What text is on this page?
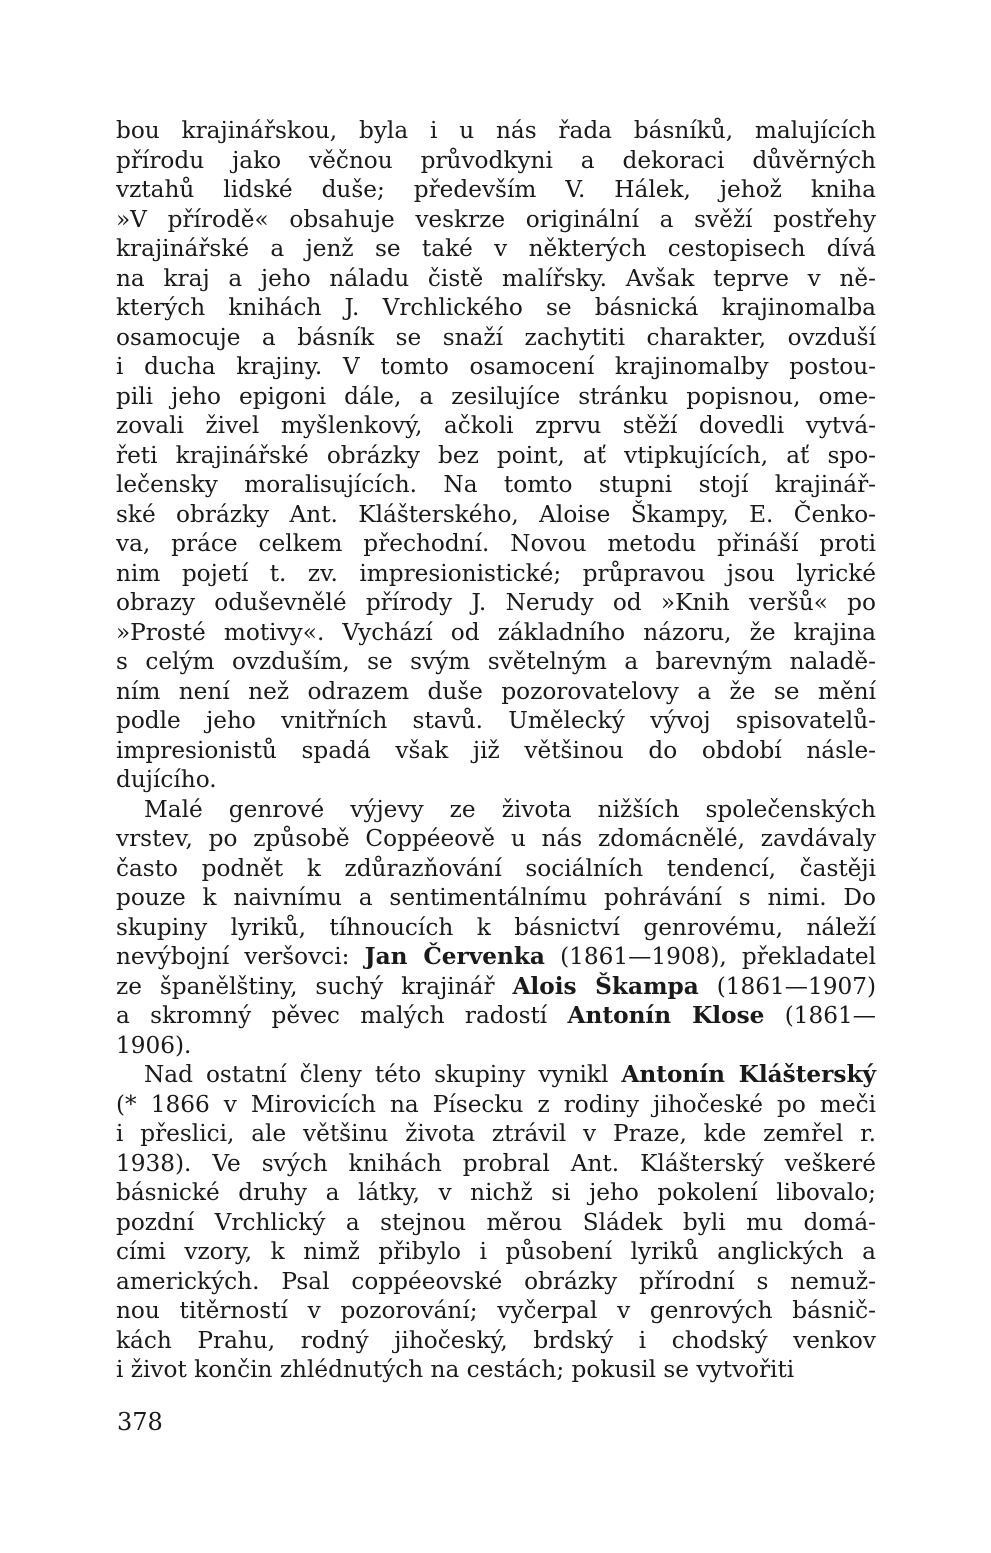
bou krajinářskou, byla i u nás řada básníků, malujících
přírodu jako věčnou průvodkyni a dekoraci důvěrných
vztahů lidské duše; především V. Hálek, jehož kniha
»V přírodě« obsahuje veskrze originální a svěží postřehy
krajinářské a jenž se také v některých cestopisech dívá
na kraj a jeho náladu čistě malířsky. Avšak teprve v ně-
kterých knihách J. Vrchlického se básnická krajinomalba
osamocuje a básník se snaží zachytiti charakter, ovzduší
i ducha krajiny. V tomto osamocení krajinomalby postou-
pili jeho epigoni dále, a zesilujíce stránku popisnou, ome-
zovali živel myšlenkový, ačkoli zprvu stěží dovedli vytvá-
řeti krajinářské obrázky bez point, ať vtipkujících, ať spo-
lečensky moralisujících. Na tomto stupni stojí krajinář-
ské obrázky Ant. Klášterského, Aloise Škampy, E. Čenko-
va, práce celkem přechodní. Novou metodu přináší proti
nim pojetí t. zv. impresionistické; průpravou jsou lyrické
obrazy oduševnělé přírody J. Nerudy od »Knih veršů« po
»Prosté motivy«. Vychází od základního názoru, že krajina
s celým ovzduším, se svým světelným a barevným naladě-
ním není než odrazem duše pozorovatelovy a že se mění
podle jeho vnitřních stavů. Umělecký vývoj spisovatelů-
impresionistů spadá však již většinou do období násle-
dujícího.
Malé genrové výjevy ze života nižších společenských
vrstev, po způsobě Coppéeově u nás zdomácnělé, zavdávaly
často podnět k zdůrazňování sociálních tendencí, častěji
pouze k naivnímu a sentimentálnímu pohrávání s nimi. Do
skupiny lyriků, tíhnoucích k básnictví genrovému, náleží
nevýbojní veršovci: Jan Červenka (1861—1908), překladatel
ze španělštiny, suchý krajinář Alois Škampa (1861—1907)
a skromný pěvec malých radostí Antonín Klose (1861—
1906).
Nad ostatní členy této skupiny vynikl Antonín Klášterský
(* 1866 v Mirovicích na Písecku z rodiny jihočeské po meči
i přeslici, ale většinu života ztrávil v Praze, kde zemřel r.
1938). Ve svých knihách probral Ant. Klášterský veškeré
básnické druhy a látky, v nichž si jeho pokolení libovalo;
pozdní Vrchlický a stejnou měrou Sládek byli mu domá-
cími vzory, k nimž přibylo i působení lyriků anglických a
amerických. Psal coppéeovské obrázky přírodní s nemuž-
nou titěrností v pozorování; vyčerpal v genrových básnič-
kách Prahu, rodný jihočeský, brdský i chodský venkov
i život končin zhlédnutých na cestách; pokusil se vytvořiti
378
